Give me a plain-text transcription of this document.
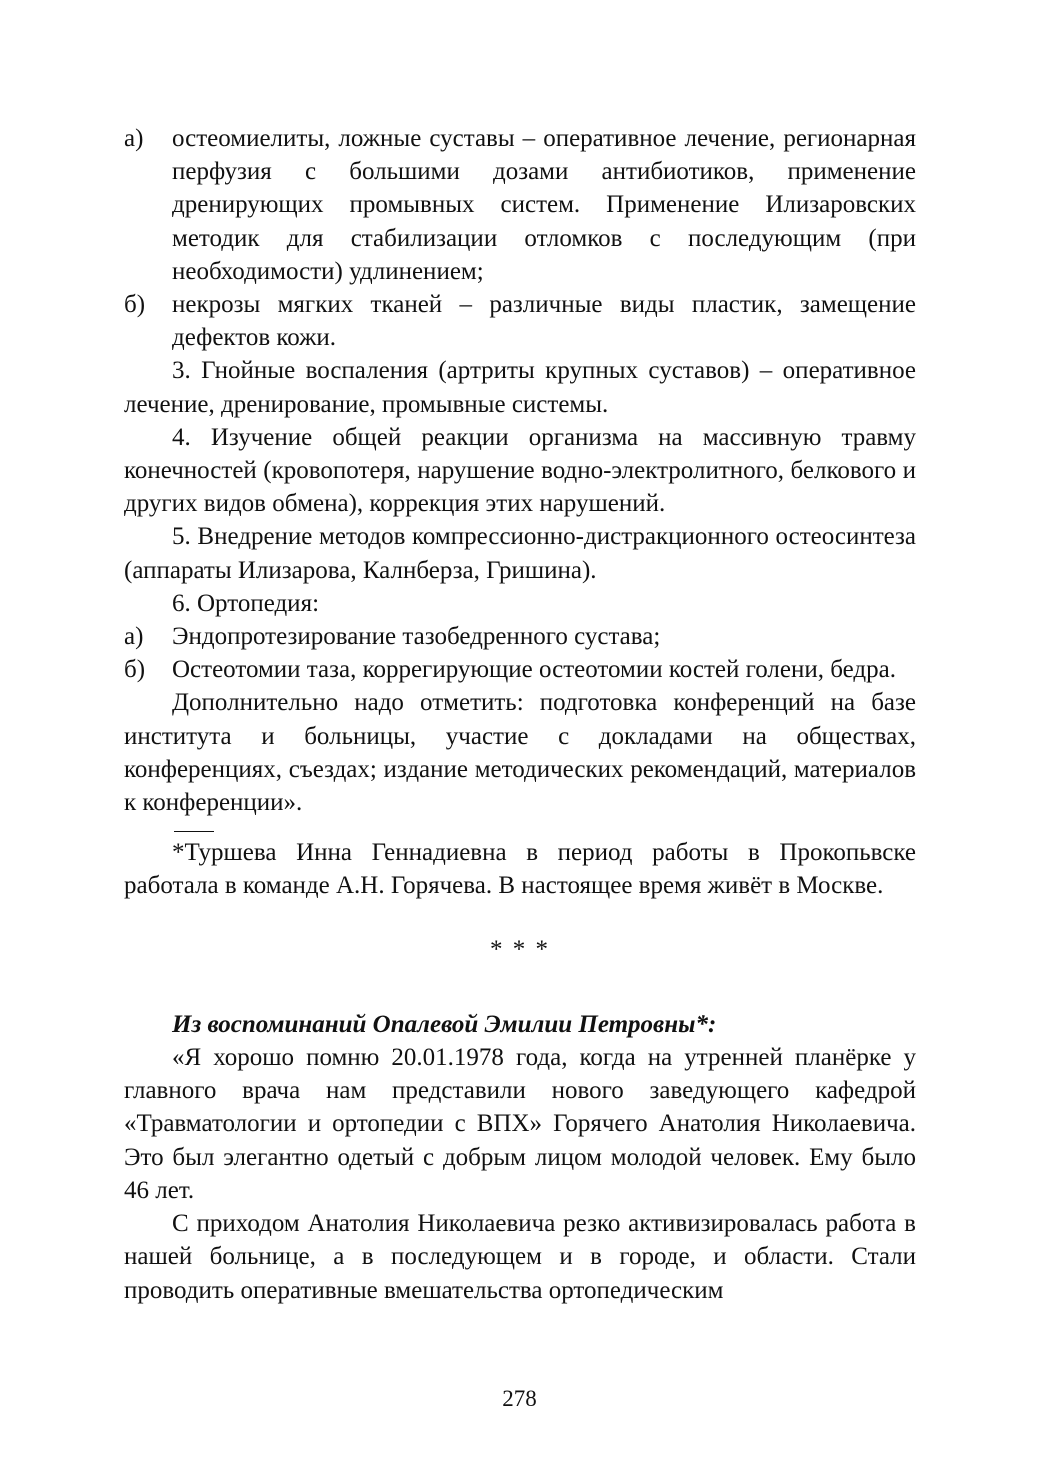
а)	остеомиелиты, ложные суставы – оперативное лечение, регионарная перфузия с большими дозами антибиотиков, применение дренирующих промывных систем. Применение Илизаровских методик для стабилизации отломков с последующим (при необходимости) удлинением;
б)	некрозы мягких тканей – различные виды пластик, замещение дефектов кожи.

3. Гнойные воспаления (артриты крупных суставов) – оперативное лечение, дренирование, промывные системы.

4. Изучение общей реакции организма на массивную травму конечностей (кровопотеря, нарушение водно-электролитного, белкового и других видов обмена), коррекция этих нарушений.

5. Внедрение методов компрессионно-дистракционного остеосинтеза (аппараты Илизарова, Калнберза, Гришина).

6. Ортопедия:

а)	Эндопротезирование тазобедренного сустава;
б)	Остеотомии таза, коррегирующие остеотомии костей голени, бедра.

Дополнительно надо отметить: подготовка конференций на базе института и больницы, участие с докладами на обществах, конференциях, съездах; издание методических рекомендаций, материалов к конференции».

*Туршева Инна Геннадиевна в период работы в Прокопьвске работала в команде А.Н. Горячева. В настоящее время живёт в Москве.

* * *

Из воспоминаний Опалевой Эмилии Петровны*:

«Я хорошо помню 20.01.1978 года, когда на утренней планёрке у главного врача нам представили нового заведующего кафедрой «Травматологии и ортопедии с ВПХ» Горячего Анатолия Николаевича. Это был элегантно одетый с добрым лицом молодой человек. Ему было 46 лет.

С приходом Анатолия Николаевича резко активизировалась работа в нашей больнице, а в последующем и в городе, и области. Стали проводить оперативные вмешательства ортопедическим

278
